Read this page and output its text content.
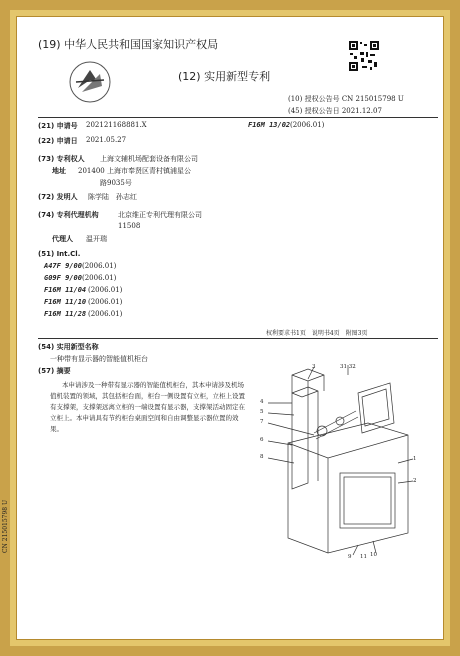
(19) 中华人民共和国国家知识产权局
(12) 实用新型专利
(10) 授权公告号 CN 215015798 U
(45) 授权公告日 2021.12.07
(21) 申请号 202121168881.X	F16M 13/02 (2006.01)
(22) 申请日 2021.05.27
(73) 专利权人 上海文辅机场配套设备有限公司
地址 201400 上海市奉贤区青村镇浦星公
路9035号
(72) 发明人 陈学陆　孙志红
(74) 专利代理机构	北京维正专利代理有限公司
11508
代理人 温开瑞
(51) Int.Cl.
A47F 9/00 (2006.01)
G09F 9/00 (2006.01)
F16M 11/04 (2006.01)
F16M 11/10 (2006.01)
F16M 11/28 (2006.01)
权利要求书1页　说明书4页　附图3页
(54) 实用新型名称
一种带有显示器的智能值机柜台
(57) 摘要
本申请涉及一种带有显示器的智能值机柜台，其本申请涉及机场值机装置的领域，其包括柜台面，柜台一侧设置有立柜，立柜上设置有支撑架，支撑架远离立柜的一端设置有显示器，支撑架活动固定在立柜上。本申请具有节约柜台桌面空间和自由调整显示器位置的效果。
3	31 32
4
5
7
6
8	1
2
9	10
11
CN 215015798 U
